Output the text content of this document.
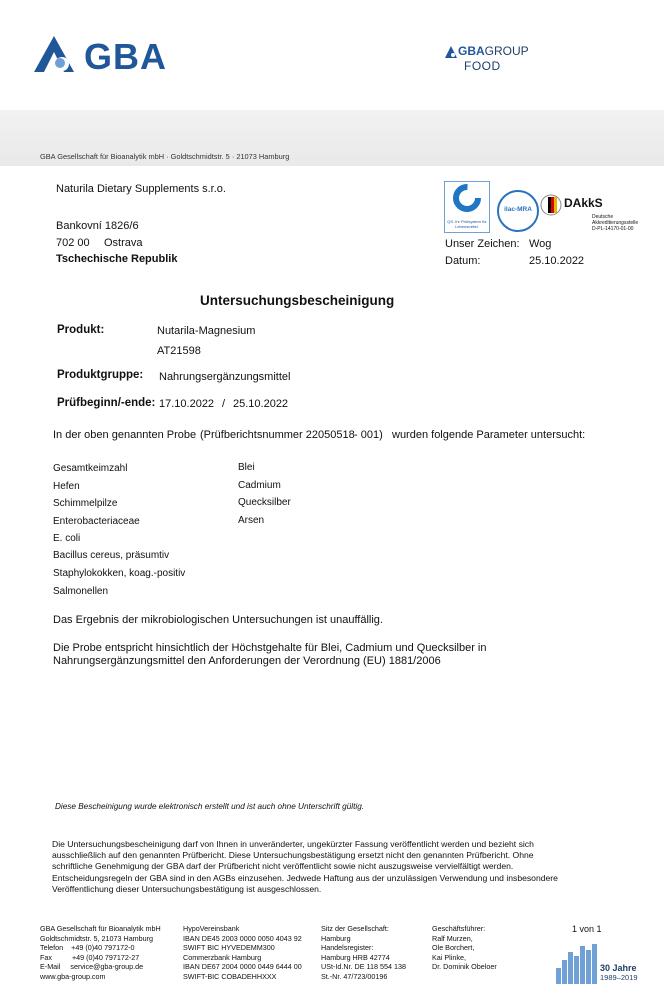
GBA	GBAGROUP
FOOD
GBA Gesellschaft für Bioanalytik mbH · Goldtschmidtstr. 5 · 21073 Hamburg
Naturila Dietary Supplements s.r.o.
Bankovní 1826/6
702 00 Ostrava
Tschechische Republik
QS. Ihr Prüfsystem für Lebensmittel.
ilac-MRA	DAkkS
Deutsche
Akkreditierungsstelle
D-PL-14170-01-00
Unser Zeichen: Wog
Datum:	25.10.2022
Untersuchungsbescheinigung
Produkt:	Nutarila-Magnesium
AT21598
Produktgruppe: Nahrungsergänzungsmittel
Prüfbeginn/-ende: 17.10.2022 / 25.10.2022
In der oben genannten Probe (Prüfberichtsnummer 22050518 - 001) wurden folgende Parameter untersucht:
Gesamtkeimzahl
Hefen
Schimmelpilze
Enterobacteriaceae
E. coli
Bacillus cereus, präsumtiv
Staphylokokken, koag.-positiv
Salmonellen
Blei
Cadmium
Quecksilber
Arsen
Das Ergebnis der mikrobiologischen Untersuchungen ist unauffällig.
Die Probe entspricht hinsichtlich der Höchstgehalte für Blei, Cadmium und Quecksilber in
Nahrungsergänzungsmittel den Anforderungen der Verordnung (EU) 1881/2006
Diese Bescheinigung wurde elektronisch erstellt und ist auch ohne Unterschrift gültig.
Die Untersuchungsbescheinigung darf von Ihnen in unveränderter, ungekürzter Fassung veröffentlicht werden und bezieht sich
ausschließlich auf den genannten Prüfbericht. Diese Untersuchungsbestätigung ersetzt nicht den genannten Prüfbericht. Ohne
schriftliche Genehmigung der GBA darf der Prüfbericht nicht veröffentlicht sowie nicht auszugsweise vervielfältigt werden.
Entscheidungsregeln der GBA sind in den AGBs einzusehen. Jedwede Haftung aus der unzulässigen Verwendung und insbesondere
Veröffentlichung dieser Untersuchungsbestätigung ist ausgeschlossen.
GBA Gesellschaft für Bioanalytik mbH
Goldtschmidtstr. 5, 21073 Hamburg
Telefon    +49 (0)40 797172-0
Fax          +49 (0)40 797172-27
E-Mail     service@gba-group.de
www.gba-group.com
HypoVereinsbank
IBAN DE45 2003 0000 0050 4043 92
SWIFT BIC HYVEDEMM300
Commerzbank Hamburg
IBAN DE67 2004 0000 0449 6444 00
SWIFT-BIC COBADEHHXXX
Sitz der Gesellschaft:
Hamburg
Handelsregister:
Hamburg HRB 42774
USt-Id.Nr. DE 118 554 138
St.-Nr. 47/723/00196
Geschäftsführer:
Ralf Murzen,
Ole Borchert,
Kai Plinke,
Dr. Dominik Obeloer
1 von 1
30 Jahre
1989–2019
